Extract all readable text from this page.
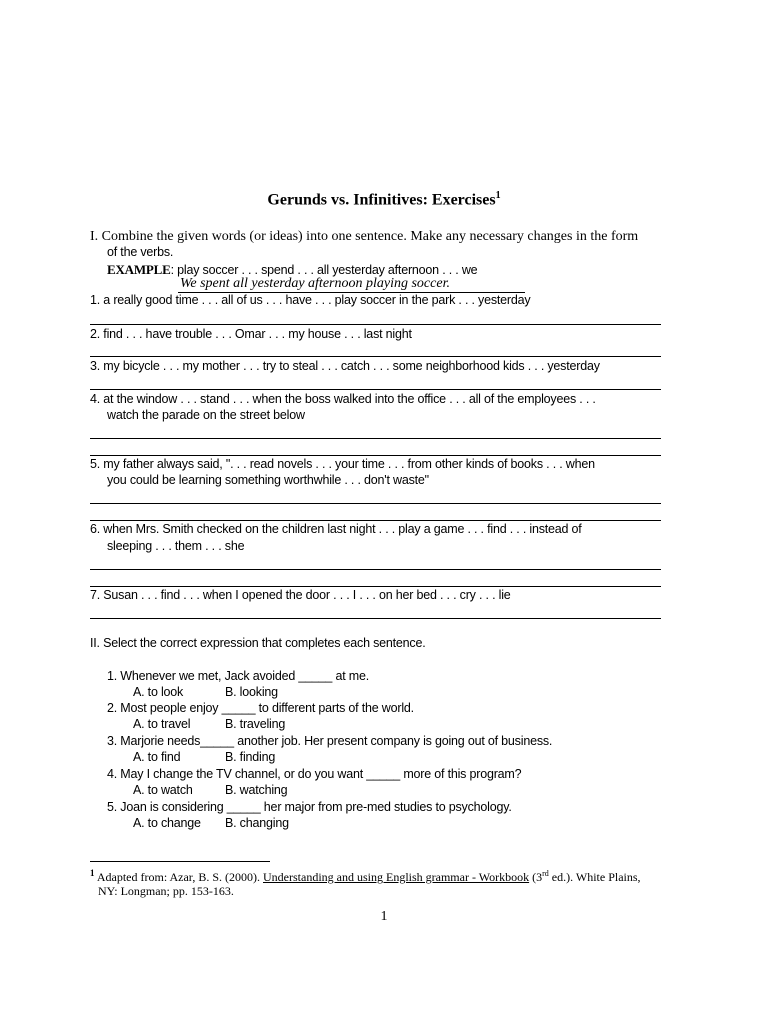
Gerunds vs. Infinitives: Exercises$^1$
I. Combine the given words (or ideas) into one sentence. Make any necessary changes in the form
of the verbs.
EXAMPLE: play soccer . . . spend . . . all yesterday afternoon . . . we
We spent all yesterday afternoon playing soccer.
1. a really good time . . . all of us . . . have . . . play soccer in the park . . . yesterday
2. find . . . have trouble . . . Omar . . . my house . . . last night
3. my bicycle . . . my mother . . . try to steal . . . catch . . . some neighborhood kids . . . yesterday
4. at the window . . . stand . . . when the boss walked into the office . . . all of the employees . . .
watch the parade on the street below
5. my father always said, ". . . read novels . . . your time . . . from other kinds of books . . . when
you could be learning something worthwhile . . . don't waste"
6. when Mrs. Smith checked on the children last night . . . play a game . . . find . . . instead of
sleeping . . . them . . . she
7. Susan . . . find . . . when I opened the door . . . I . . . on her bed . . . cry . . . lie
II. Select the correct expression that completes each sentence.
1. Whenever we met, Jack avoided _____ at me.
A. to look	B. looking
2. Most people enjoy _____ to different parts of the world.
A. to travel	B. traveling
3. Marjorie needs_____ another job. Her present company is going out of business.
A. to find	B. finding
4. May I change the TV channel, or do you want _____ more of this program?
A. to watch	B. watching
5. Joan is considering _____ her major from pre-med studies to psychology.
A. to change B. changing
$^1$ Adapted from: Azar, B. S. (2000). Understanding and using English grammar - Workbook (3rd ed.). White Plains,
NY: Longman; pp. 153-163.
1
